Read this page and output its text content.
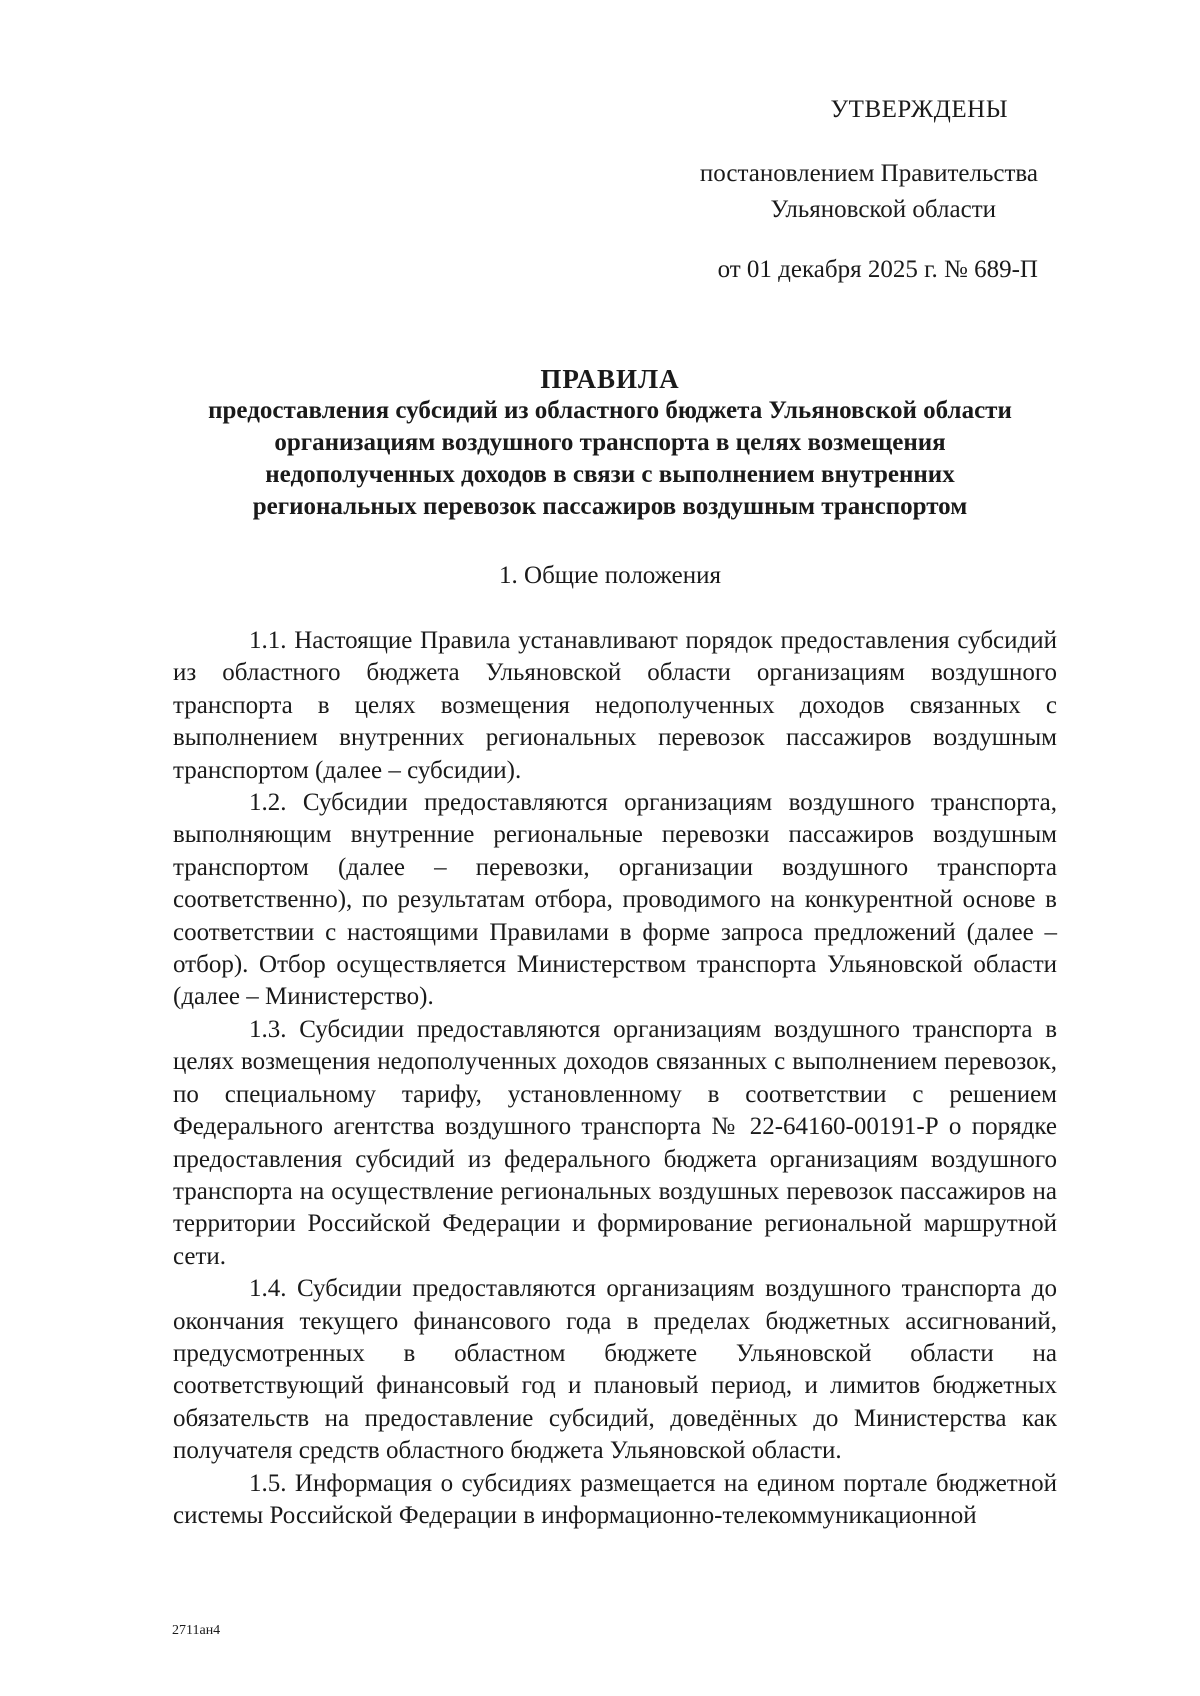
УТВЕРЖДЕНЫ
постановлением Правительства
Ульяновской области
от 01 декабря 2025 г. № 689-П
ПРАВИЛА
предоставления субсидий из областного бюджета Ульяновской области
организациям воздушного транспорта в целях возмещения
недополученных доходов в связи с выполнением внутренних
региональных перевозок пассажиров воздушным транспортом
1. Общие положения

1.1. Настоящие Правила устанавливают порядок предоставления субсидий из областного бюджета Ульяновской области организациям воздушного транспорта в целях возмещения недополученных доходов связанных с выполнением внутренних региональных перевозок пассажиров воздушным транспортом (далее – субсидии).

1.2. Субсидии предоставляются организациям воздушного транспорта, выполняющим внутренние региональные перевозки пассажиров воздушным транспортом (далее – перевозки, организации воздушного транспорта соответственно), по результатам отбора, проводимого на конкурентной основе в соответствии с настоящими Правилами в форме запроса предложений (далее – отбор). Отбор осуществляется Министерством транспорта Ульяновской области (далее – Министерство).

1.3. Субсидии предоставляются организациям воздушного транспорта в целях возмещения недополученных доходов связанных с выполнением перевозок, по специальному тарифу, установленному в соответствии с решением Федерального агентства воздушного транспорта № 22-64160-00191-Р о порядке предоставления субсидий из федерального бюджета организациям воздушного транспорта на осуществление региональных воздушных перевозок пассажиров на территории Российской Федерации и формирование региональной маршрутной сети.

1.4. Субсидии предоставляются организациям воздушного транспорта до окончания текущего финансового года в пределах бюджетных ассигнований, предусмотренных в областном бюджете Ульяновской области на соответствующий финансовый год и плановый период, и лимитов бюджетных обязательств на предоставление субсидий, доведённых до Министерства как получателя средств областного бюджета Ульяновской области.

1.5. Информация о субсидиях размещается на едином портале бюджетной системы Российской Федерации в информационно-телекоммуникационной

2711ан4
